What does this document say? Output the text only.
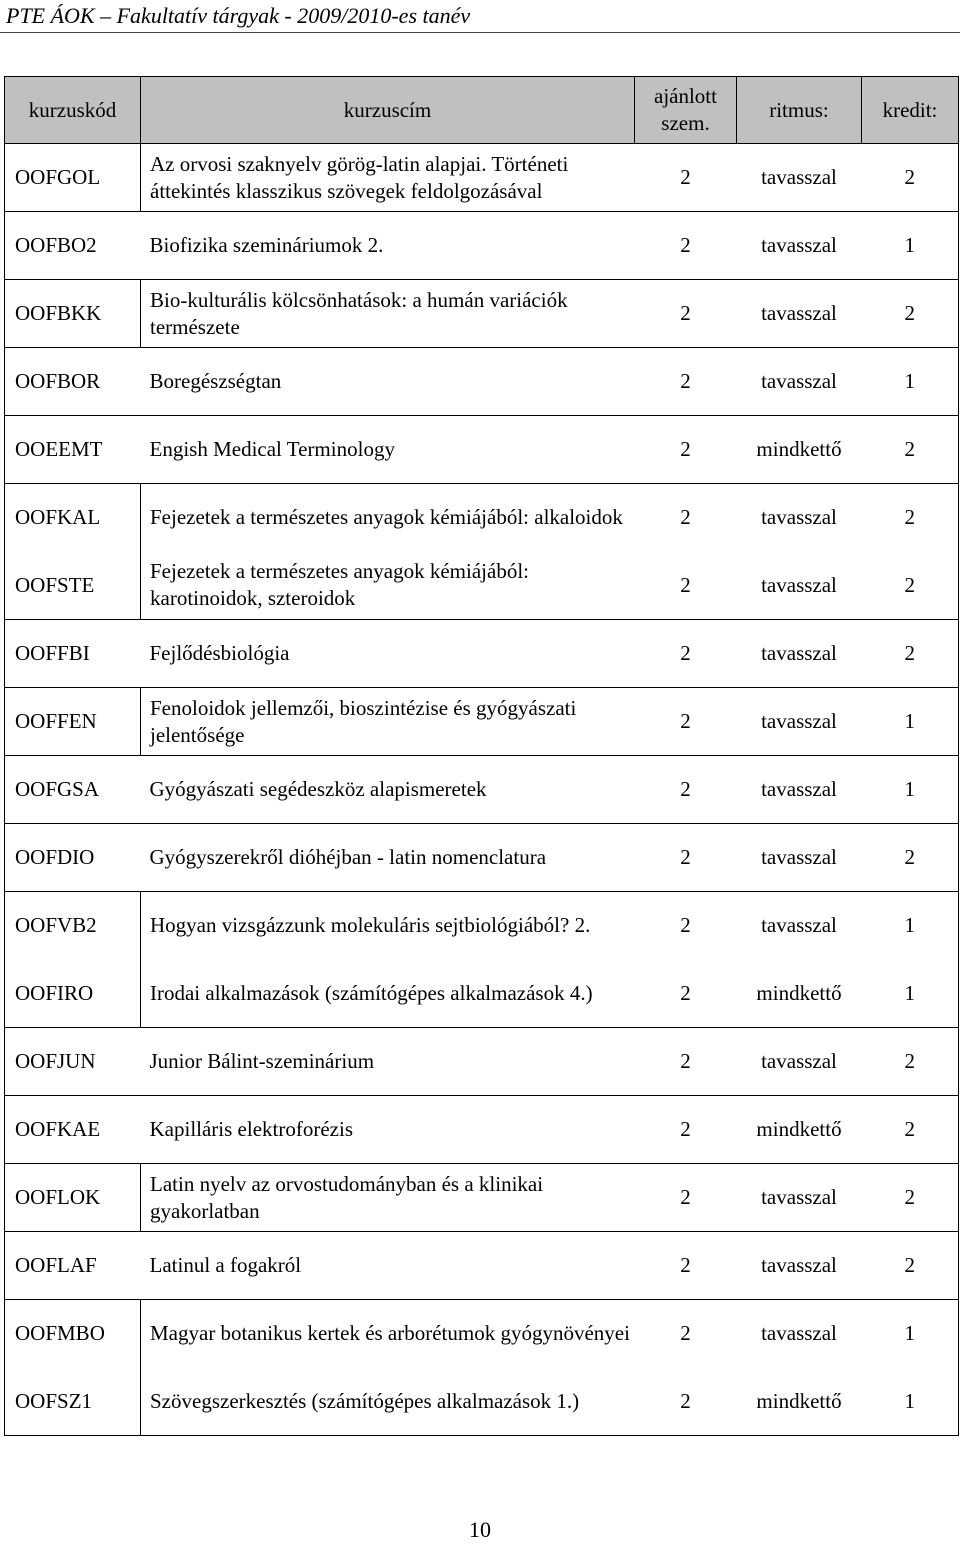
PTE ÁOK – Fakultatív tárgyak - 2009/2010-es tanév
kurzuskód	kurzuscím	ajánlott szem.	ritmus:	kredit:
OOFGOL	Az orvosi szaknyelv görög-latin alapjai. Történeti áttekintés klasszikus szövegek feldolgozásával	2	tavasszal	2
OOFBO2	Biofizika szemináriumok 2.	2	tavasszal	1
OOFBKK	Bio-kulturális kölcsönhatások: a humán variációk természete	2	tavasszal	2
OOFBOR	Boregészségtan	2	tavasszal	1
OOEEMT	Engish Medical Terminology	2	mindkettő	2
OOFKAL	Fejezetek a természetes anyagok kémiájából: alkaloidok	2	tavasszal	2
OOFSTE	Fejezetek a természetes anyagok kémiájából: karotinoidok, szteroidok	2	tavasszal	2
OOFFBI	Fejlődésbiológia	2	tavasszal	2
OOFFEN	Fenoloidok jellemzői, bioszintézise és gyógyászati jelentősége	2	tavasszal	1
OOFGSA	Gyógyászati segédeszköz alapismeretek	2	tavasszal	1
OOFDIO	Gyógyszerekről dióhéjban - latin nomenclatura	2	tavasszal	2
OOFVB2	Hogyan vizsgázzunk molekuláris sejtbiológiából? 2.	2	tavasszal	1
OOFIRO	Irodai alkalmazások (számítógépes alkalmazások 4.)	2	mindkettő	1
OOFJUN	Junior Bálint-szeminárium	2	tavasszal	2
OOFKAE	Kapilláris elektroforézis	2	mindkettő	2
OOFLOK	Latin nyelv az orvostudományban és a klinikai gyakorlatban	2	tavasszal	2
OOFLAF	Latinul a fogakról	2	tavasszal	2
OOFMBO	Magyar botanikus kertek és arborétumok gyógynövényei	2	tavasszal	1
OOFSZ1	Szövegszerkesztés (számítógépes alkalmazások 1.)	2	mindkettő	1
10
